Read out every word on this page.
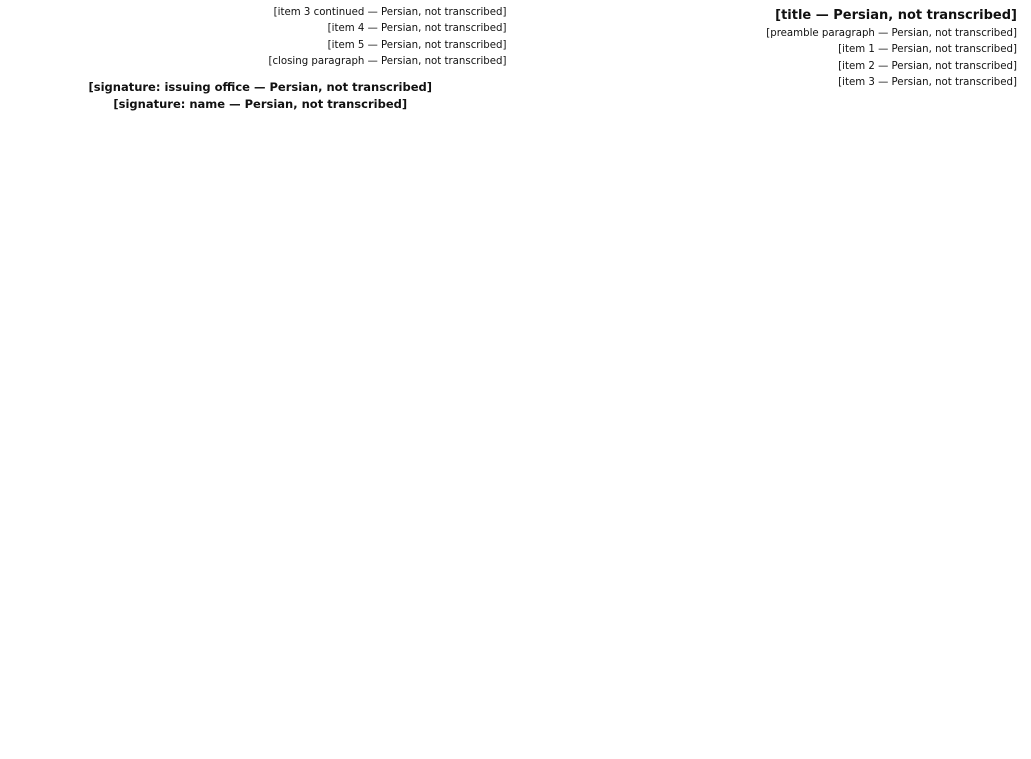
[title — Persian, not transcribed]

[preamble paragraph — Persian, not transcribed]

[item 1 — Persian, not transcribed]

[item 2 — Persian, not transcribed]

[item 3 — Persian, not transcribed]

[item 3 continued — Persian, not transcribed]

[item 4 — Persian, not transcribed]

[item 5 — Persian, not transcribed]

[closing paragraph — Persian, not transcribed]

[signature: issuing office — Persian, not transcribed]
[signature: name — Persian, not transcribed]
